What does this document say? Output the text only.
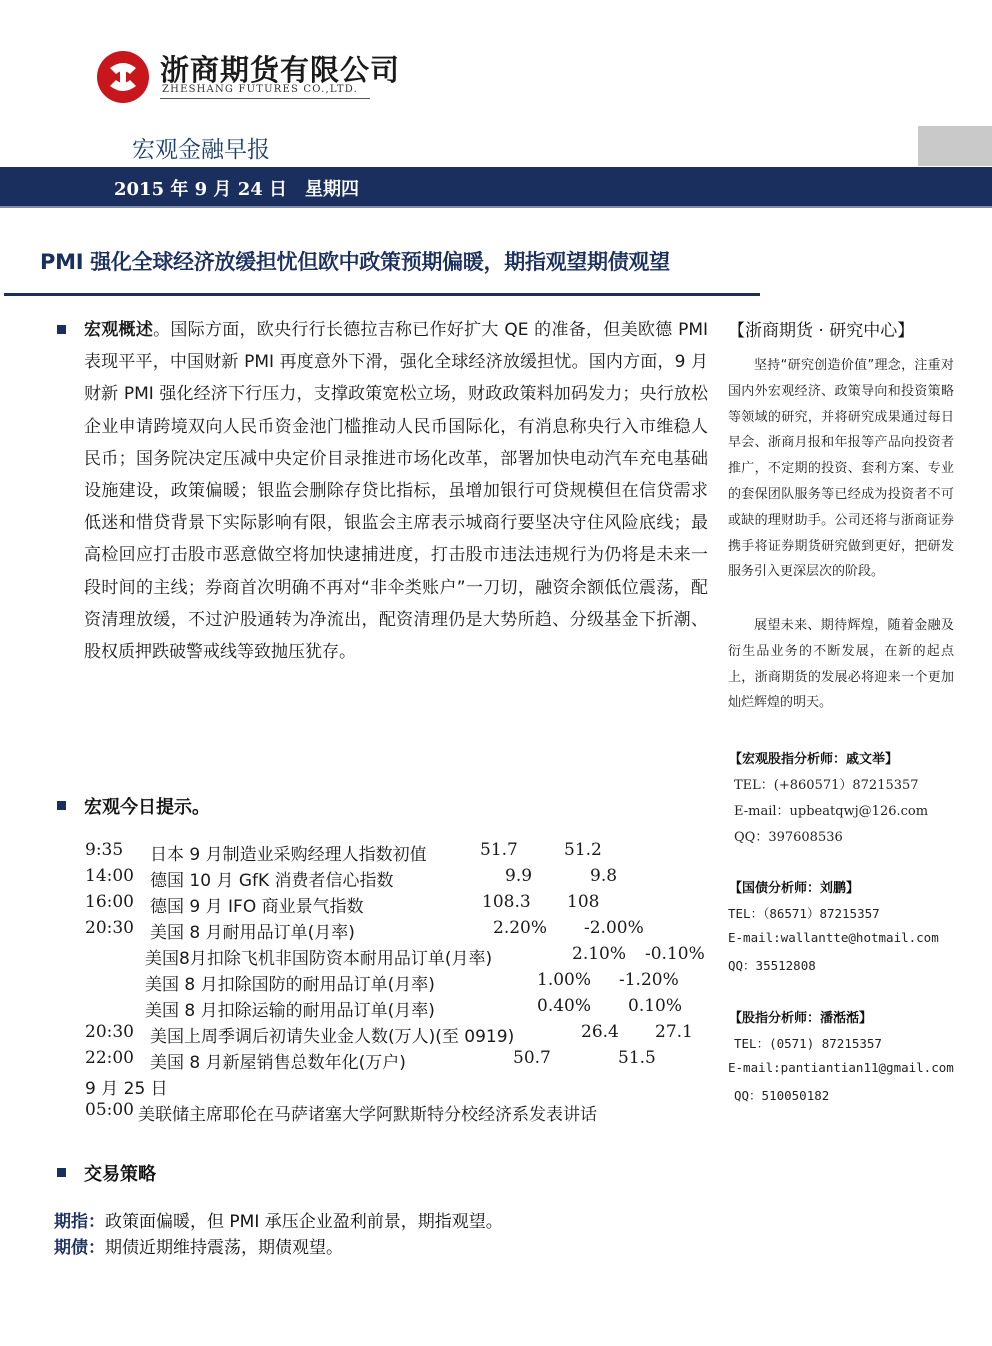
浙商期货有限公司
ZHESHANG FUTURES CO.,LTD.
宏观金融早报
2015 年 9 月 24 日　星期四
PMI 强化全球经济放缓担忧但欧中政策预期偏暖，期指观望期债观望
宏观概述。国际方面，欧央行行长德拉吉称已作好扩大 QE 的准备，但美欧德 PMI 表现平平，中国财新 PMI 再度意外下滑，强化全球经济放缓担忧。国内方面，9 月财新 PMI 强化经济下行压力，支撑政策宽松立场，财政政策料加码发力；央行放松企业申请跨境双向人民币资金池门槛推动人民币国际化，有消息称央行入市维稳人民币；国务院决定压减中央定价目录推进市场化改革，部署加快电动汽车充电基础设施建设，政策偏暖；银监会删除存贷比指标，虽增加银行可贷规模但在信贷需求低迷和惜贷背景下实际影响有限，银监会主席表示城商行要坚决守住风险底线；最高检回应打击股市恶意做空将加快逮捕进度，打击股市违法违规行为仍将是未来一段时间的主线；券商首次明确不再对“非伞类账户”一刀切，融资余额低位震荡，配资清理放缓，不过沪股通转为净流出，配资清理仍是大势所趋、分级基金下折潮、股权质押跌破警戒线等致抛压犹存。
宏观今日提示。
9:35 日本 9 月制造业采购经理人指数初值	51.7	51.2
14:00 德国 10 月 GfK 消费者信心指数	9.9	9.8
16:00 德国 9 月 IFO 商业景气指数	108.3 108
20:30 美国 8 月耐用品订单(月率)	2.20% -2.00%
美国8月扣除飞机非国防资本耐用品订单(月率)	2.10% -0.10%
美国 8 月扣除国防的耐用品订单(月率)	1.00% -1.20%
美国 8 月扣除运输的耐用品订单(月率)	0.40% 0.10%
20:30 美国上周季调后初请失业金人数(万人)(至 0919)	26.4 27.1
22:00 美国 8 月新屋销售总数年化(万户)	50.7	51.5
9 月 25 日
05:00 美联储主席耶伦在马萨诸塞大学阿默斯特分校经济系发表讲话
交易策略
期指：政策面偏暖，但 PMI 承压企业盈利前景，期指观望。
期债：期债近期维持震荡，期债观望。
【浙商期货 · 研究中心】
坚持“研究创造价值”理念，注重对国内外宏观经济、政策导向和投资策略等领域的研究，并将研究成果通过每日早会、浙商月报和年报等产品向投资者推广，不定期的投资、套利方案、专业的套保团队服务等已经成为投资者不可或缺的理财助手。公司还将与浙商证券携手将证券期货研究做到更好，把研发服务引入更深层次的阶段。
展望未来、期待辉煌，随着金融及衍生品业务的不断发展，在新的起点上，浙商期货的发展必将迎来一个更加灿烂辉煌的明天。
【宏观股指分析师：戚文举】
TEL：(+860571）87215357
E-mail：upbeatqwj@126.com
QQ：397608536
【国债分析师：刘鹏】
TEL：（86571）87215357
E-mail:wallantte@hotmail.com
QQ：35512808
【股指分析师：潘湉湉】
TEL：(0571) 87215357
E-mail:pantiantian11@gmail.com
QQ：510050182
